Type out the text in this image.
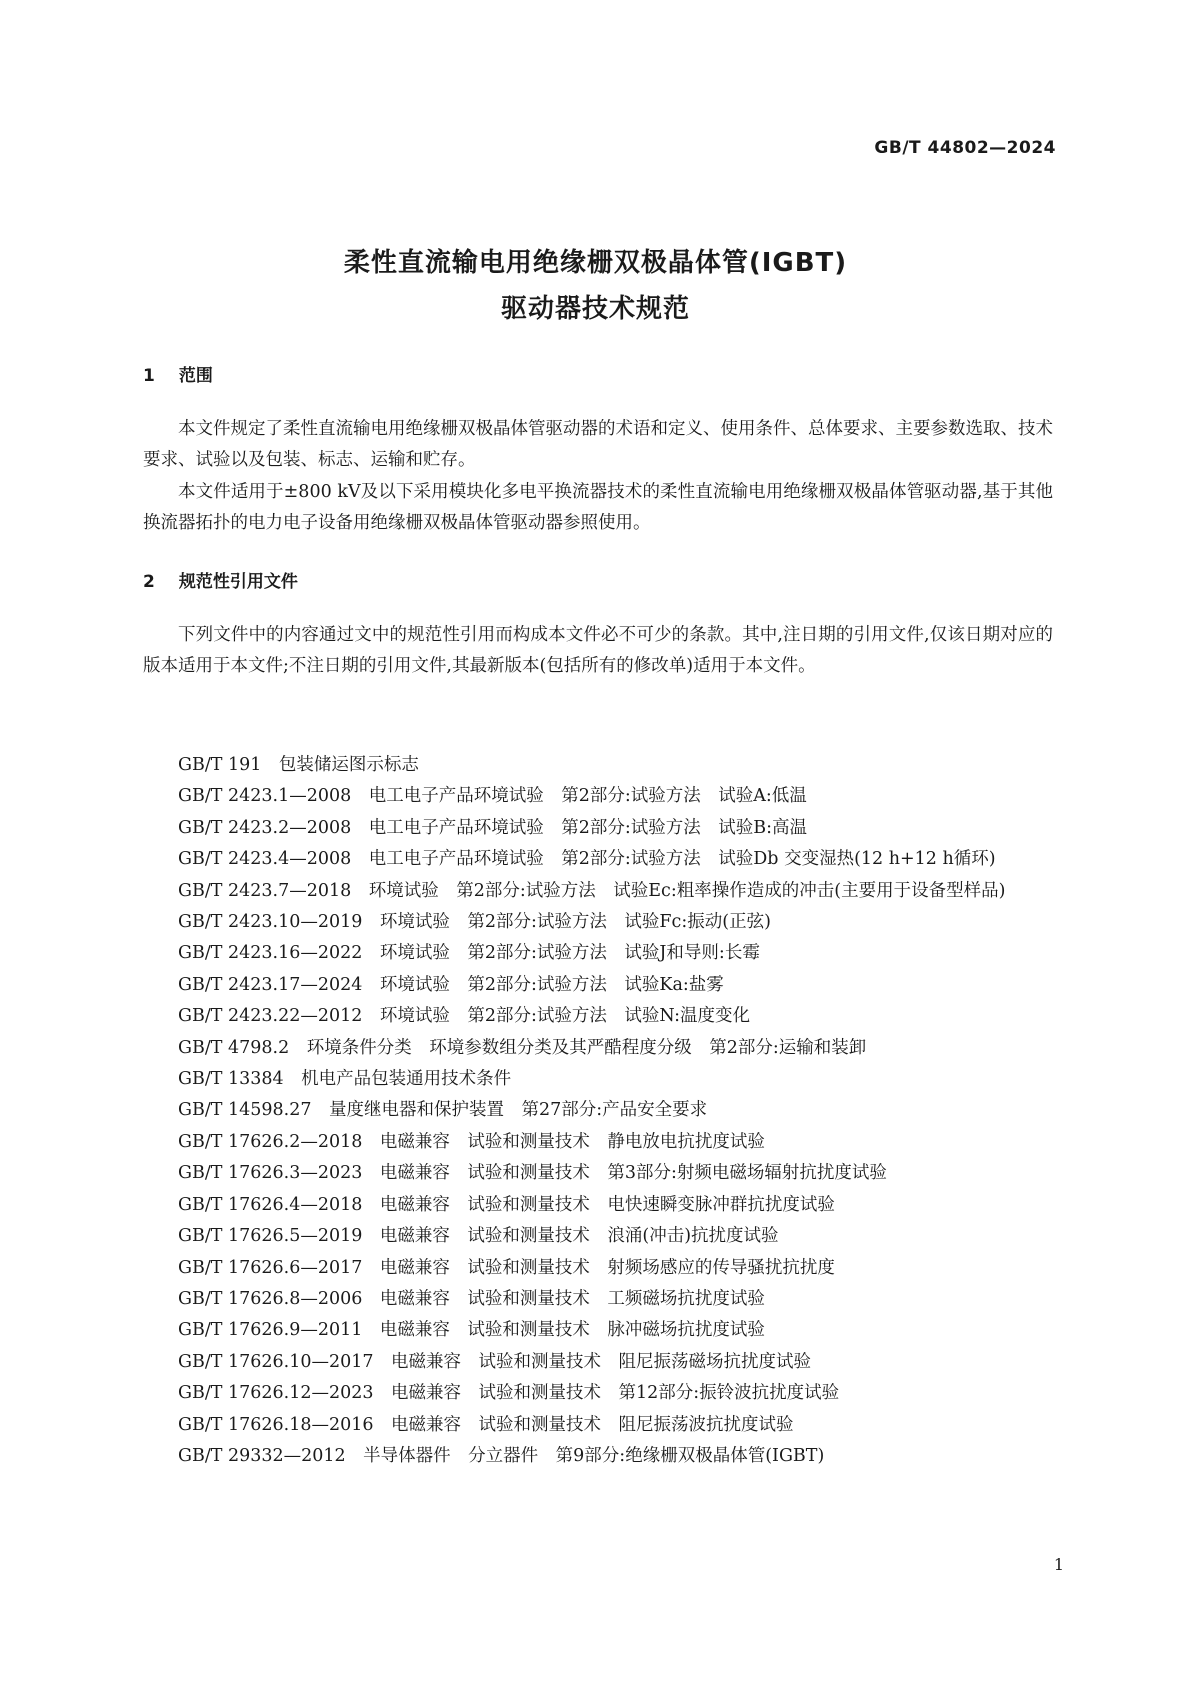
GB/T 44802—2024
柔性直流输电用绝缘栅双极晶体管(IGBT)
驱动器技术规范
1 范围

本文件规定了柔性直流输电用绝缘栅双极晶体管驱动器的术语和定义、使用条件、总体要求、主要参数选取、技术要求、试验以及包装、标志、运输和贮存。

本文件适用于±800 kV及以下采用模块化多电平换流器技术的柔性直流输电用绝缘栅双极晶体管驱动器,基于其他换流器拓扑的电力电子设备用绝缘栅双极晶体管驱动器参照使用。

2 规范性引用文件

下列文件中的内容通过文中的规范性引用而构成本文件必不可少的条款。其中,注日期的引用文件,仅该日期对应的版本适用于本文件;不注日期的引用文件,其最新版本(包括所有的修改单)适用于本文件。

GB/T 191　包装储运图示标志
GB/T 2423.1—2008　电工电子产品环境试验　第2部分:试验方法　试验A:低温
GB/T 2423.2—2008　电工电子产品环境试验　第2部分:试验方法　试验B:高温
GB/T 2423.4—2008　电工电子产品环境试验　第2部分:试验方法　试验Db 交变湿热(12 h+12 h循环)
GB/T 2423.7—2018　环境试验　第2部分:试验方法　试验Ec:粗率操作造成的冲击(主要用于设备型样品)
GB/T 2423.10—2019　环境试验　第2部分:试验方法　试验Fc:振动(正弦)
GB/T 2423.16—2022　环境试验　第2部分:试验方法　试验J和导则:长霉
GB/T 2423.17—2024　环境试验　第2部分:试验方法　试验Ka:盐雾
GB/T 2423.22—2012　环境试验　第2部分:试验方法　试验N:温度变化
GB/T 4798.2　环境条件分类　环境参数组分类及其严酷程度分级　第2部分:运输和装卸
GB/T 13384　机电产品包装通用技术条件
GB/T 14598.27　量度继电器和保护装置　第27部分:产品安全要求
GB/T 17626.2—2018　电磁兼容　试验和测量技术　静电放电抗扰度试验
GB/T 17626.3—2023　电磁兼容　试验和测量技术　第3部分:射频电磁场辐射抗扰度试验
GB/T 17626.4—2018　电磁兼容　试验和测量技术　电快速瞬变脉冲群抗扰度试验
GB/T 17626.5—2019　电磁兼容　试验和测量技术　浪涌(冲击)抗扰度试验
GB/T 17626.6—2017　电磁兼容　试验和测量技术　射频场感应的传导骚扰抗扰度
GB/T 17626.8—2006　电磁兼容　试验和测量技术　工频磁场抗扰度试验
GB/T 17626.9—2011　电磁兼容　试验和测量技术　脉冲磁场抗扰度试验
GB/T 17626.10—2017　电磁兼容　试验和测量技术　阻尼振荡磁场抗扰度试验
GB/T 17626.12—2023　电磁兼容　试验和测量技术　第12部分:振铃波抗扰度试验
GB/T 17626.18—2016　电磁兼容　试验和测量技术　阻尼振荡波抗扰度试验
GB/T 29332—2012　半导体器件　分立器件　第9部分:绝缘栅双极晶体管(IGBT)
1
